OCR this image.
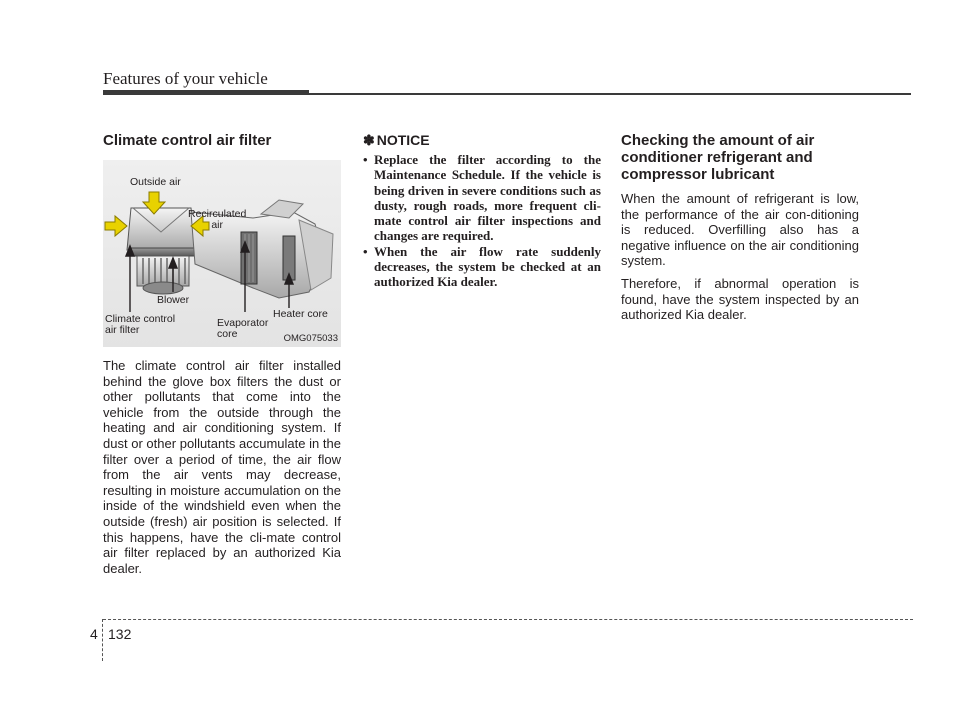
Features of your vehicle
Climate control air filter
Outside air
Recirculated
air
Blower
Climate control
air filter
Evaporator
core
Heater core
OMG075033

The climate control air filter installed behind the glove box filters the dust or other pollutants that come into the vehicle from the outside through the heating and air conditioning system. If dust or other pollutants accumulate in the filter over a period of time, the air flow from the air vents may decrease, resulting in moisture accumulation on the inside of the windshield even when the outside (fresh) air position is selected. If this happens, have the cli-mate control air filter replaced by an authorized Kia dealer.

✽ NOTICE
• Replace the filter according to the Maintenance Schedule. If the vehicle is being driven in severe conditions such as dusty, rough roads, more frequent cli-mate control air filter inspections and changes are required.
• When the air flow rate suddenly decreases, the system be checked at an authorized Kia dealer.
Checking the amount of air conditioner refrigerant and compressor lubricant

When the amount of refrigerant is low, the performance of the air con-ditioning is reduced. Overfilling also has a negative influence on the air conditioning system.

Therefore, if abnormal operation is found, have the system inspected by an authorized Kia dealer.

4 132
